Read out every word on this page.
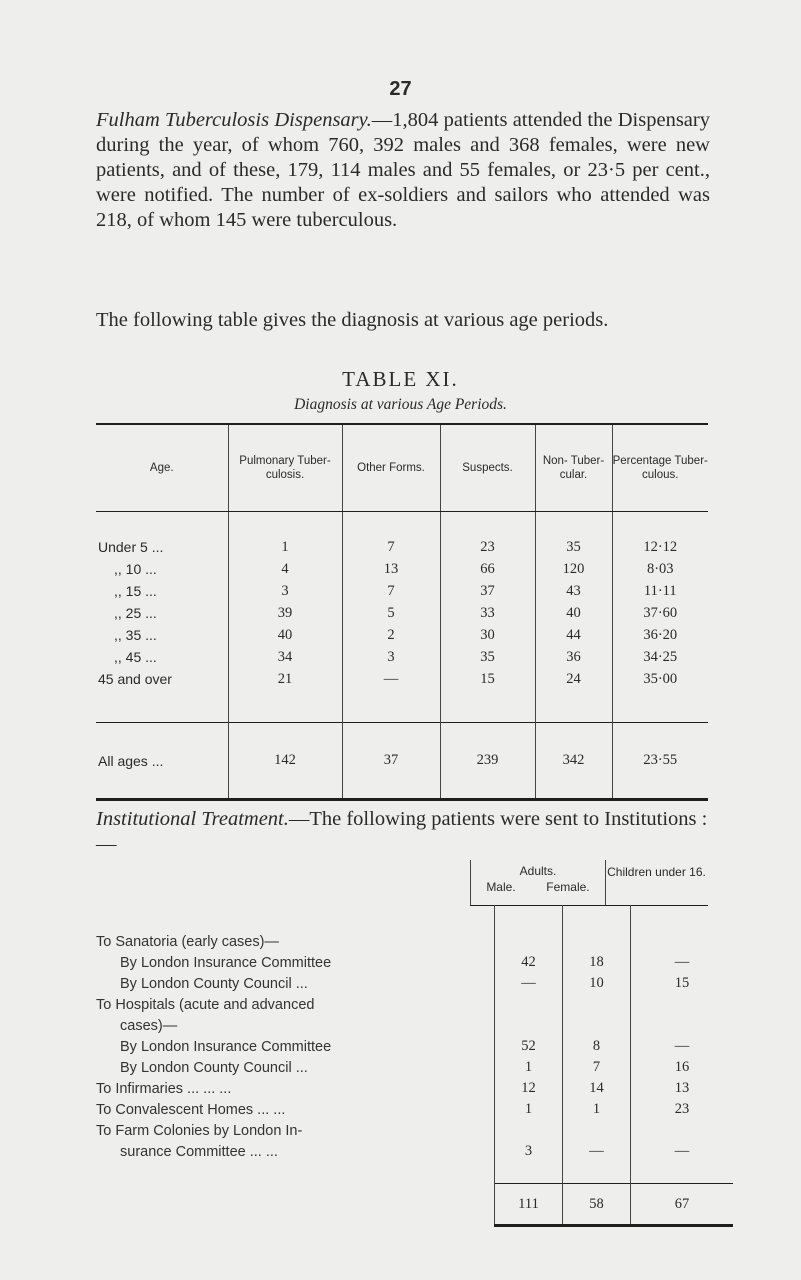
27

Fulham Tuberculosis Dispensary.—1,804 patients attended the Dispensary during the year, of whom 760, 392 males and 368 females, were new patients, and of these, 179, 114 males and 55 females, or 23·5 per cent., were notified. The number of ex-soldiers and sailors who attended was 218, of whom 145 were tuberculous.

The following table gives the diagnosis at various age periods.

TABLE XI.
Diagnosis at various Age Periods.
Age.	Pulmonary Tuber- culosis.	Other Forms.	Suspects.	Non- Tuber- cular.	Percentage Tuber- culous.
Under 5 ...	1	7	23	35	12·12
,, 10 ...	4	13	66	120	8·03
,, 15 ...	3	7	37	43	11·11
,, 25 ...	39	5	33	40	37·60
,, 35 ...	40	2	30	44	36·20
,, 45 ...	34	3	35	36	34·25
45 and over	21	—	15	24	35·00
All ages ...	142	37	239	342	23·55

Institutional Treatment.—The following patients were sent to Institutions :—

Adults.
Male.	Female.
Children under 16.

To Sanatoria (early cases)—			
By London Insurance Committee	42	18	—
By London County Council ...	—	10	15
To Hospitals (acute and advanced			
cases)—			
By London Insurance Committee	52	8	—
By London County Council ...	1	7	16
To Infirmaries ... ... ...	12	14	13
To Convalescent Homes ... ...	1	1	23
To Farm Colonies by London In-			
surance Committee ... ...	3	—	—

	111	58	67
